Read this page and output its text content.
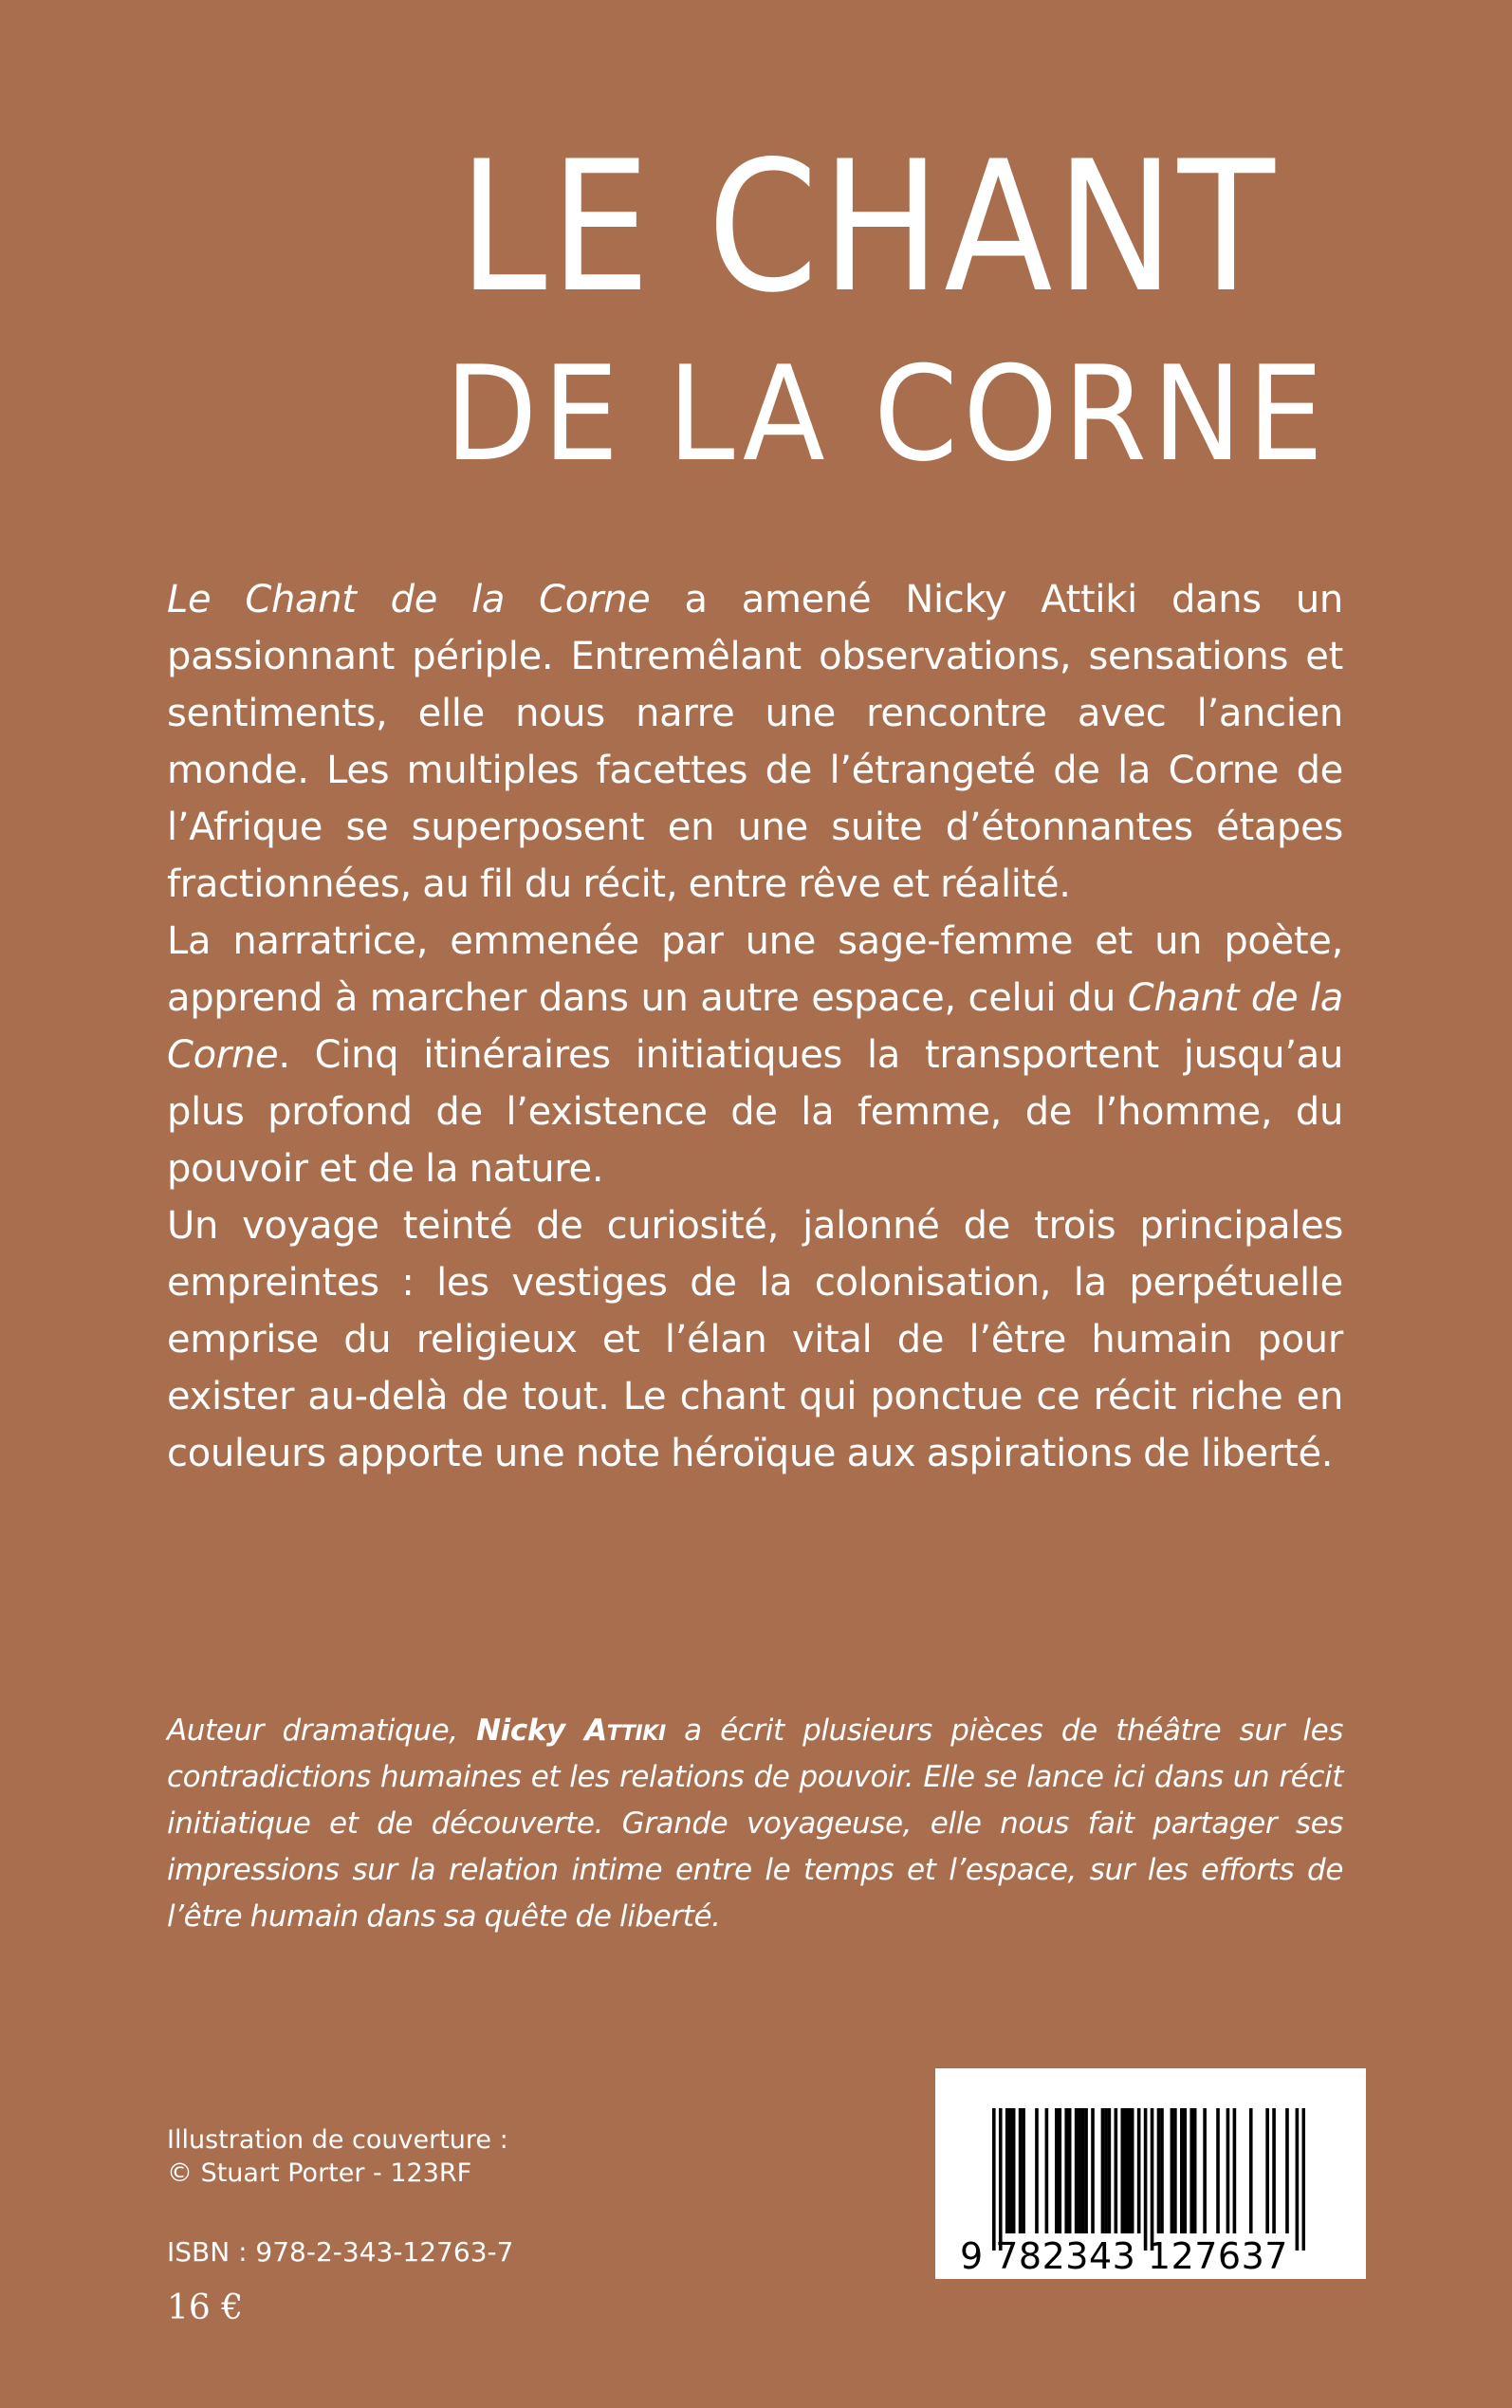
LE CHANT
DE LA CORNE

Le Chant de la Corne a amené Nicky Attiki dans un passionnant périple. Entremêlant observations, sensations et sentiments, elle nous narre une rencontre avec l’ancien monde. Les multiples facettes de l’étrangeté de la Corne de l’Afrique se superposent en une suite d’étonnantes étapes fractionnées, au fil du récit, entre rêve et réalité.

La narratrice, emmenée par une sage-femme et un poète, apprend à marcher dans un autre espace, celui du Chant de la Corne. Cinq itinéraires initiatiques la transportent jusqu’au plus profond de l’existence de la femme, de l’homme, du pouvoir et de la nature.

Un voyage teinté de curiosité, jalonné de trois principales empreintes : les vestiges de la colonisation, la perpétuelle emprise du religieux et l’élan vital de l’être humain pour exister au-delà de tout. Le chant qui ponctue ce récit riche en couleurs apporte une note héroïque aux aspirations de liberté.

Auteur dramatique, Nicky Attiki a écrit plusieurs pièces de théâtre sur les contradictions humaines et les relations de pouvoir. Elle se lance ici dans un récit initiatique et de découverte. Grande voyageuse, elle nous fait partager ses impressions sur la relation intime entre le temps et l’espace, sur les efforts de l’être humain dans sa quête de liberté.
Illustration de couverture :
© Stuart Porter - 123RF
ISBN : 978-2-343-12763-7
16 €
9 782343 127637
